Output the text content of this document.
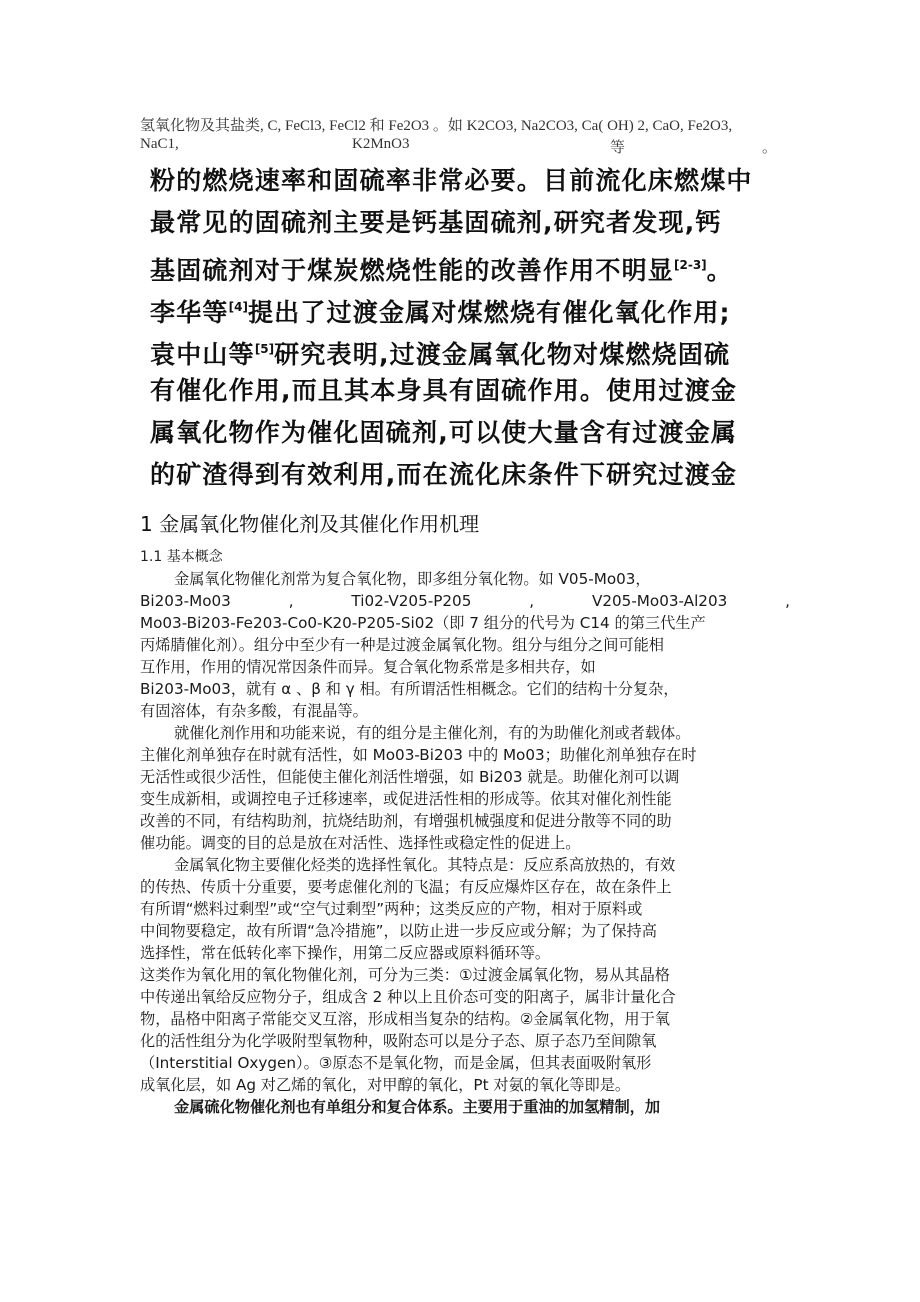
氢氧化物及其盐类, C, FeCl3, FeCl2 和 Fe2O3 。如 K2CO3, Na2CO3, Ca( OH) 2, CaO, Fe2O3,
NaC1,	K2MnO3	等	。
粉的燃烧速率和固硫率非常必要。目前流化床燃煤中
最常见的固硫剂主要是钙基固硫剂,研究者发现,钙
基固硫剂对于煤炭燃烧性能的改善作用不明显[2-3]。
李华等[4]提出了过渡金属对煤燃烧有催化氧化作用;
袁中山等[5]研究表明,过渡金属氧化物对煤燃烧固硫
有催化作用,而且其本身具有固硫作用。使用过渡金
属氧化物作为催化固硫剂,可以使大量含有过渡金属
的矿渣得到有效利用,而在流化床条件下研究过渡金
1 金属氧化物催化剂及其催化作用机理
1.1 基本概念
金属氧化物催化剂常为复合氧化物，即多组分氧化物。如 V05-Mo03，
Bi203-Mo03	,	Ti02-V205-P205	,	V205-Mo03-Al203	,
Mo03-Bi203-Fe203-Co0-K20-P205-Si02（即 7 组分的代号为 C14 的第三代生产
丙烯腈催化剂）。组分中至少有一种是过渡金属氧化物。组分与组分之间可能相
互作用，作用的情况常因条件而异。复合氧化物系常是多相共存，如
Bi203-Mo03，就有 α 、β 和 γ 相。有所谓活性相概念。它们的结构十分复杂，
有固溶体，有杂多酸，有混晶等。
就催化剂作用和功能来说，有的组分是主催化剂，有的为助催化剂或者载体。
主催化剂单独存在时就有活性，如 Mo03-Bi203 中的 Mo03；助催化剂单独存在时
无活性或很少活性，但能使主催化剂活性增强，如 Bi203 就是。助催化剂可以调
变生成新相，或调控电子迁移速率，或促进活性相的形成等。依其对催化剂性能
改善的不同，有结构助剂，抗烧结助剂，有增强机械强度和促进分散等不同的助
催功能。调变的目的总是放在对活性、选择性或稳定性的促进上。
金属氧化物主要催化烃类的选择性氧化。其特点是：反应系高放热的，有效
的传热、传质十分重要，要考虑催化剂的飞温；有反应爆炸区存在，故在条件上
有所谓“燃料过剩型”或“空气过剩型”两种；这类反应的产物，相对于原料或
中间物要稳定，故有所谓“急冷措施”，以防止进一步反应或分解；为了保持高
选择性，常在低转化率下操作，用第二反应器或原料循环等。
这类作为氧化用的氧化物催化剂，可分为三类：①过渡金属氧化物，易从其晶格
中传递出氧给反应物分子，组成含 2 种以上且价态可变的阳离子，属非计量化合
物，晶格中阳离子常能交叉互溶，形成相当复杂的结构。②金属氧化物，用于氧
化的活性组分为化学吸附型氧物种，吸附态可以是分子态、原子态乃至间隙氧
（Interstitial Oxygen）。③原态不是氧化物，而是金属，但其表面吸附氧形
成氧化层，如 Ag 对乙烯的氧化，对甲醇的氧化，Pt 对氨的氧化等即是。
金属硫化物催化剂也有单组分和复合体系。主要用于重油的加氢精制，加
